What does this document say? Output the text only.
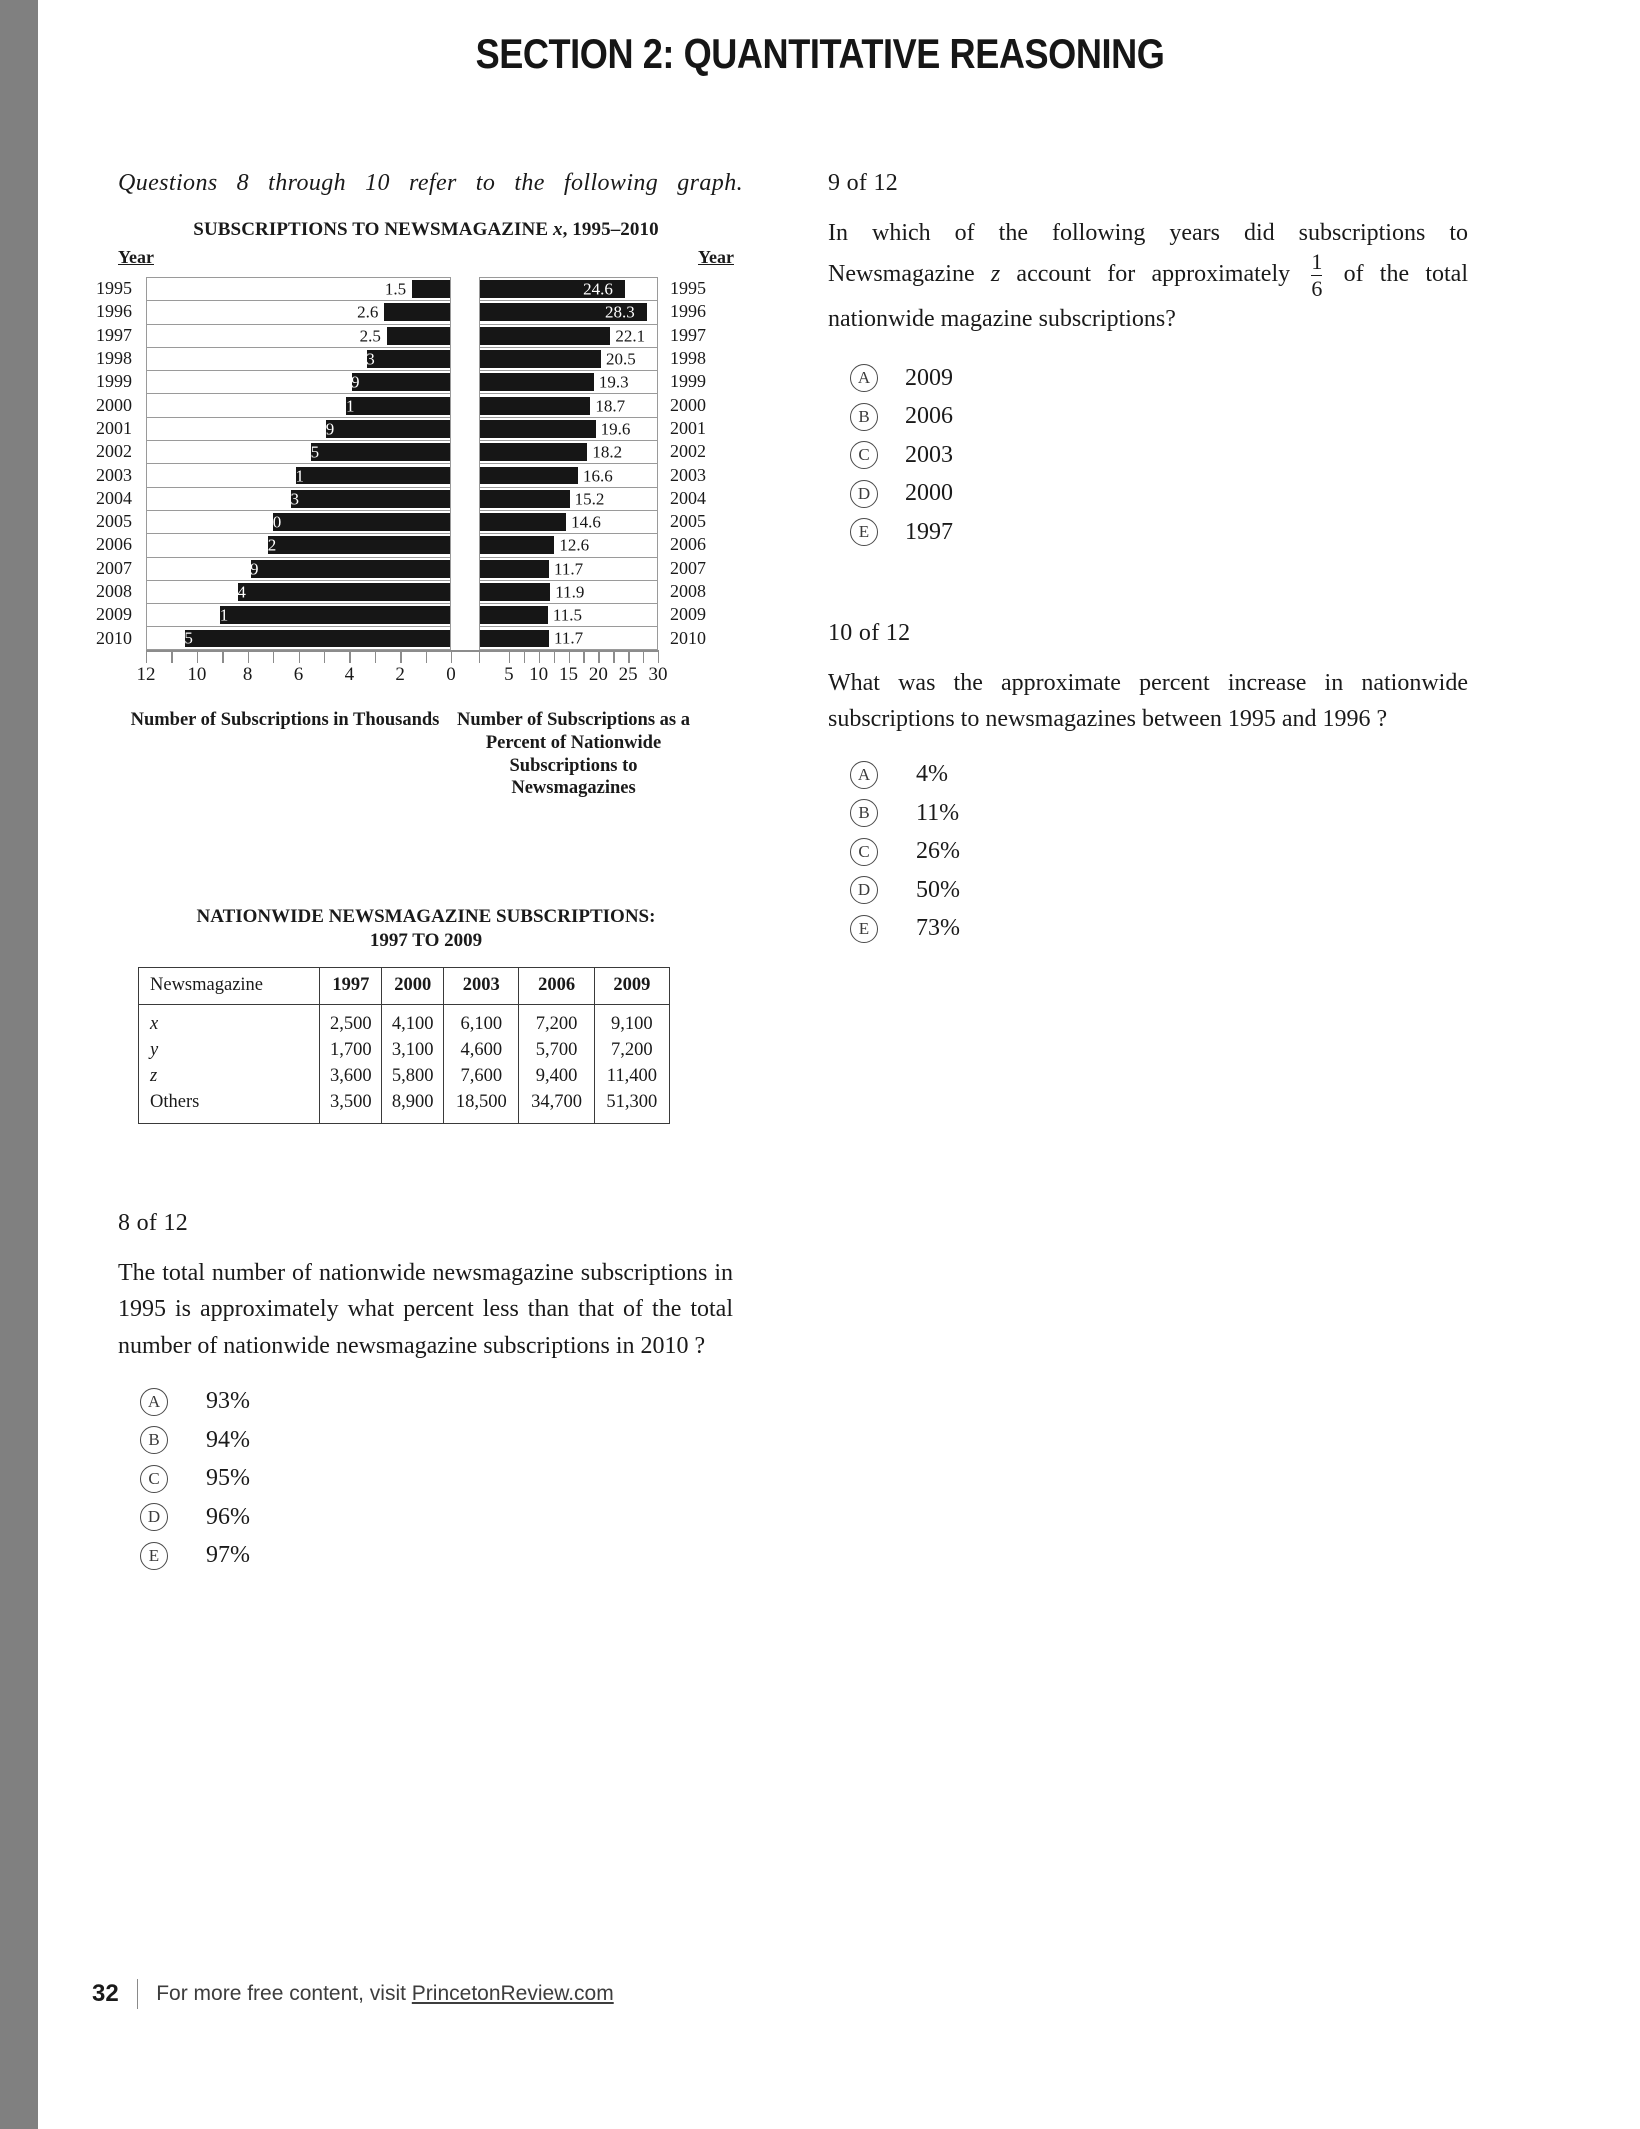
SECTION 2: QUANTITATIVE REASONING
Questions 8 through 10 refer to the following graph.
SUBSCRIPTIONS TO NEWSMAGAZINE x, 1995–2010
Year	Year
1995
1996
1997
1998
1999
2000
2001
2002
2003
2004
2005
2006
2007
2008
2009
2010
1995
1996
1997
1998
1999
2000
2001
2002
2003
2004
2005
2006
2007
2008
2009
2010
1.5
2.6
2.5
3.3
3.9
4.1
4.9
5.5
6.1
6.3
7.0
7.2
7.9
8.4
9.1
10.5
24.6
28.3
22.1
20.5
19.3
18.7
19.6
18.2
16.6
15.2
14.6
12.6
11.7
11.9
11.5
11.7
12 10 8 6 4 2 0	5 10 15 20 25 30
Number of Subscriptions in Thousands Number of Subscriptions as a Percent of Nationwide Subscriptions to Newsmagazines
NATIONWIDE NEWSMAGAZINE SUBSCRIPTIONS:
1997 TO 2009
Newsmagazine	1997	2000	2003	2006	2009
x	2,500	4,100	6,100	7,200	9,100
y	1,700	3,100	4,600	5,700	7,200
z	3,600	5,800	7,600	9,400	11,400
Others	3,500	8,900	18,500	34,700	51,300
8 of 12
The total number of nationwide newsmagazine subscriptions in 1995 is approximately what percent less than that of the total number of nationwide newsmagazine subscriptions in 2010 ?
A	93%
B	94%
C	95%
D	96%
E	97%
9 of 12
In which of the following years did subscriptions to Newsmagazine z account for approximately $\frac{1}{6}$ of the total nationwide magazine subscriptions?
A	2009
B	2006
C	2003
D	2000
E	1997
10 of 12
What was the approximate percent increase in nationwide subscriptions to newsmagazines between 1995 and 1996 ?
A	4%
B	11%
C	26%
D	50%
E	73%
32 For more free content, visit PrincetonReview.com
